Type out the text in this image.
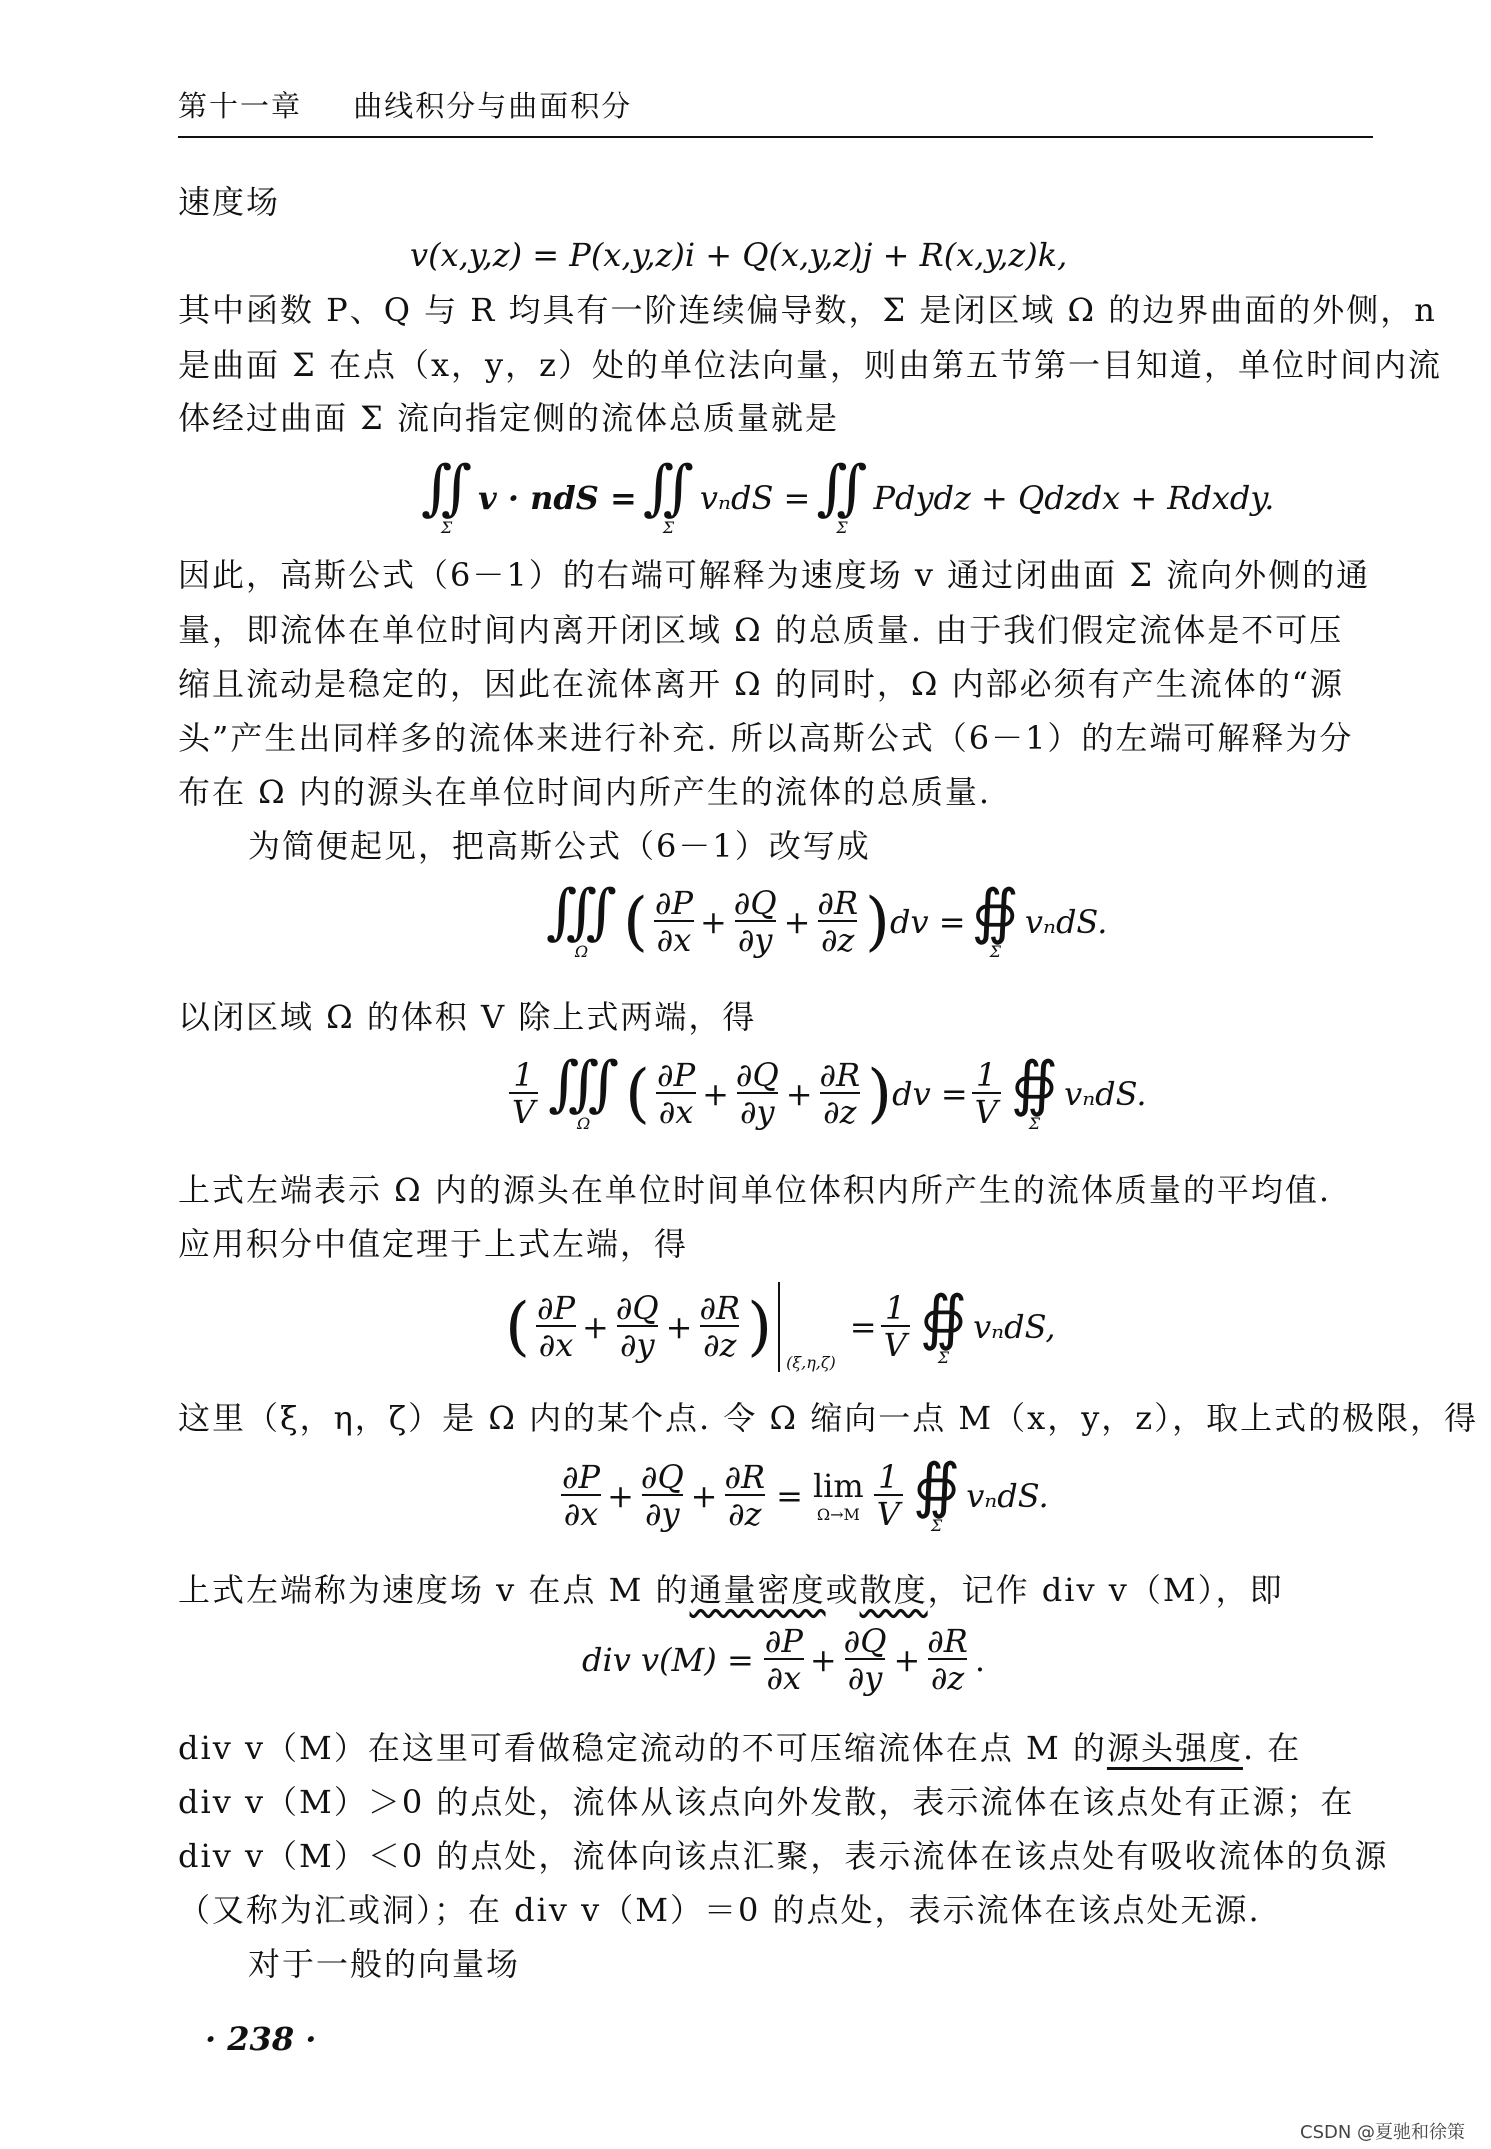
第十一章 曲线积分与曲面积分
速度场
v(x,y,z) = P(x,y,z)i + Q(x,y,z)j + R(x,y,z)k,
其中函数 P、Q 与 R 均具有一阶连续偏导数，Σ 是闭区域 Ω 的边界曲面的外侧，n
是曲面 Σ 在点（x，y，z）处的单位法向量，则由第五节第一目知道，单位时间内流
体经过曲面 Σ 流向指定侧的流体总质量就是
∬
Σ
v · ndS = ∬
Σ
vₙdS = ∬
Σ
Pdydz + Qdzdx + Rdxdy.
因此，高斯公式（6－1）的右端可解释为速度场 v 通过闭曲面 Σ 流向外侧的通
量，即流体在单位时间内离开闭区域 Ω 的总质量. 由于我们假定流体是不可压
缩且流动是稳定的，因此在流体离开 Ω 的同时，Ω 内部必须有产生流体的“源
头”产生出同样多的流体来进行补充. 所以高斯公式（6－1）的左端可解释为分
布在 Ω 内的源头在单位时间内所产生的流体的总质量.
为简便起见，把高斯公式（6－1）改写成
∭
Ω ( $\frac{\partial P}{\partial x} + \frac{\partial Q}{\partial y} + \frac{\partial R}{\partial z}$ ) dv = ∯
Σ
vₙdS.
以闭区域 Ω 的体积 V 除上式两端，得
$\frac{1}{V}$ ∭
Ω ( $\frac{\partial P}{\partial x} + \frac{\partial Q}{\partial y} + \frac{\partial R}{\partial z}$ ) dv = $\frac{1}{V}$ ∯
Σ
vₙdS.
上式左端表示 Ω 内的源头在单位时间单位体积内所产生的流体质量的平均值.
应用积分中值定理于上式左端，得
( $\frac{\partial P}{\partial x} + \frac{\partial Q}{\partial y} + \frac{\partial R}{\partial z}$ ) (ξ,η,ζ)
= $\frac{1}{V}$ ∯
Σ
vₙdS,
这里（ξ，η，ζ）是 Ω 内的某个点. 令 Ω 缩向一点 M（x，y，z），取上式的极限，得
$\frac{\partial P}{\partial x} + \frac{\partial Q}{\partial y} + \frac{\partial R}{\partial z} = \lim$
$\Omega\to M \frac{1}{V}$ ∯
Σ
vₙdS.
上式左端称为速度场 v 在点 M 的通量密度或散度，记作 div v（M），即
div $v(M) = \frac{\partial P}{\partial x} + \frac{\partial Q}{\partial y} + \frac{\partial R}{\partial z}$ .
div v（M）在这里可看做稳定流动的不可压缩流体在点 M 的源头强度. 在
div v（M）＞0 的点处，流体从该点向外发散，表示流体在该点处有正源；在
div v（M）＜0 的点处，流体向该点汇聚，表示流体在该点处有吸收流体的负源
（又称为汇或洞）；在 div v（M）＝0 的点处，表示流体在该点处无源.
对于一般的向量场
· 238 ·
CSDN @夏驰和徐策
